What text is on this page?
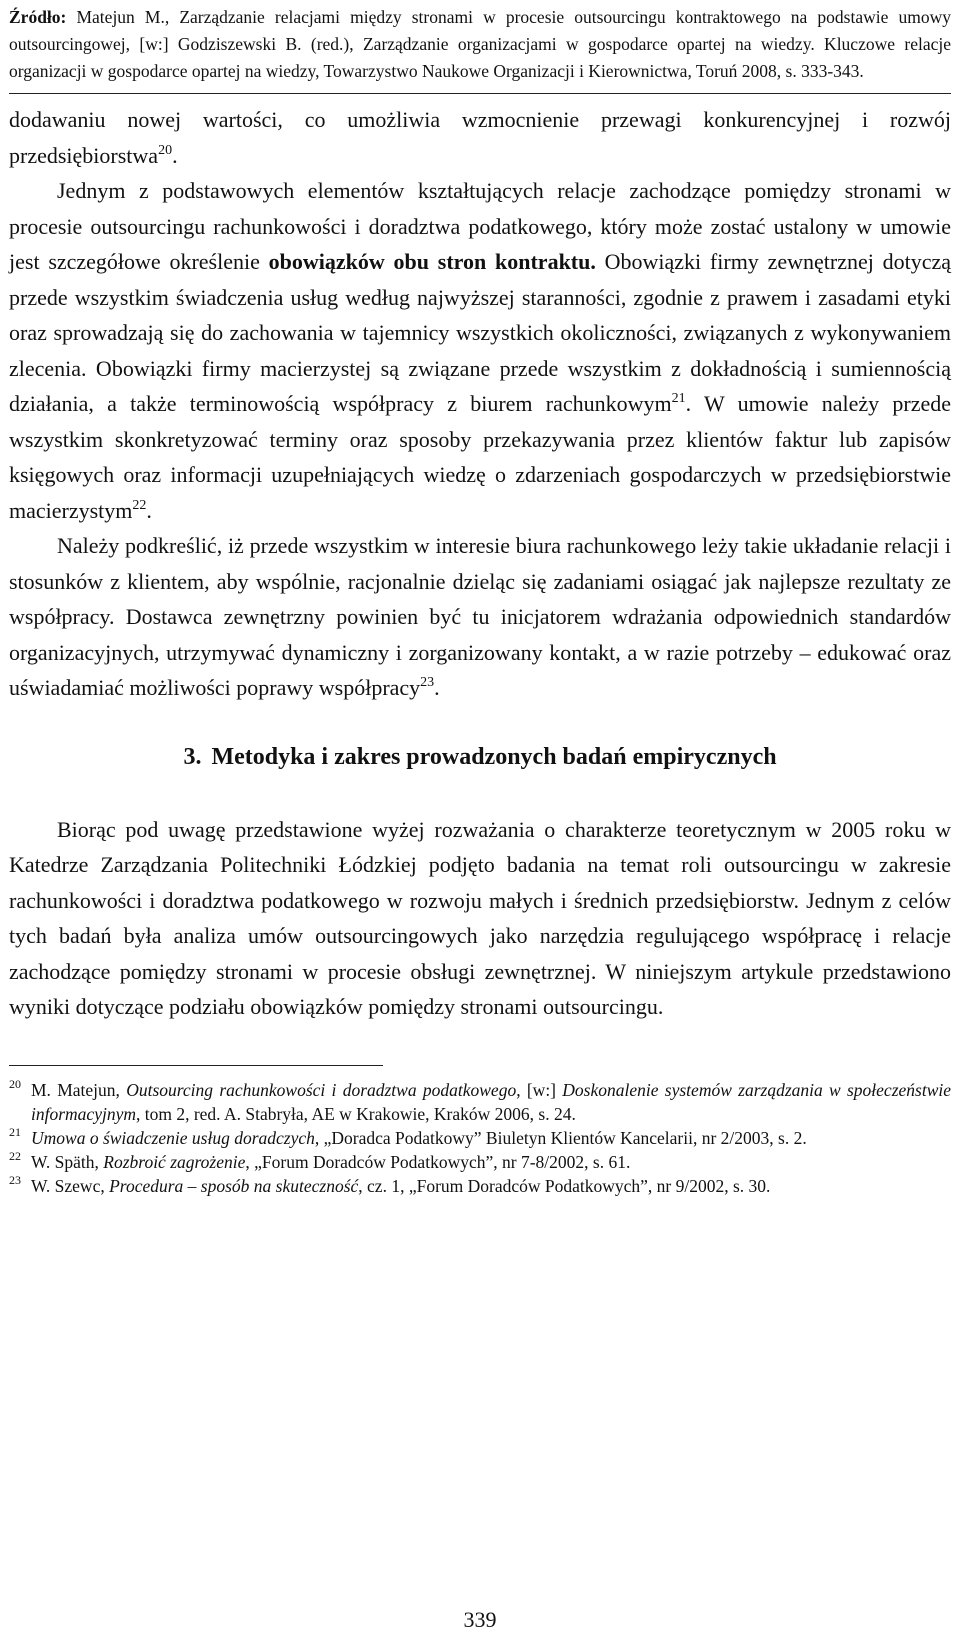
Źródło: Matejun M., Zarządzanie relacjami między stronami w procesie outsourcingu kontraktowego na podstawie umowy outsourcingowej, [w:] Godziszewski B. (red.), Zarządzanie organizacjami w gospodarce opartej na wiedzy. Kluczowe relacje organizacji w gospodarce opartej na wiedzy, Towarzystwo Naukowe Organizacji i Kierownictwa, Toruń 2008, s. 333-343.

dodawaniu nowej wartości, co umożliwia wzmocnienie przewagi konkurencyjnej i rozwój przedsiębiorstwa$^{20}$.

Jednym z podstawowych elementów kształtujących relacje zachodzące pomiędzy stronami w procesie outsourcingu rachunkowości i doradztwa podatkowego, który może zostać ustalony w umowie jest szczegółowe określenie obowiązków obu stron kontraktu. Obowiązki firmy zewnętrznej dotyczą przede wszystkim świadczenia usług według najwyższej staranności, zgodnie z prawem i zasadami etyki oraz sprowadzają się do zachowania w tajemnicy wszystkich okoliczności, związanych z wykonywaniem zlecenia. Obowiązki firmy macierzystej są związane przede wszystkim z dokładnością i sumiennością działania, a także terminowością współpracy z biurem rachunkowym$^{21}$. W umowie należy przede wszystkim skonkretyzować terminy oraz sposoby przekazywania przez klientów faktur lub zapisów księgowych oraz informacji uzupełniających wiedzę o zdarzeniach gospodarczych w przedsiębiorstwie macierzystym$^{22}$.

Należy podkreślić, iż przede wszystkim w interesie biura rachunkowego leży takie układanie relacji i stosunków z klientem, aby wspólnie, racjonalnie dzieląc się zadaniami osiągać jak najlepsze rezultaty ze współpracy. Dostawca zewnętrzny powinien być tu inicjatorem wdrażania odpowiednich standardów organizacyjnych, utrzymywać dynamiczny i zorganizowany kontakt, a w razie potrzeby – edukować oraz uświadamiać możliwości poprawy współpracy$^{23}$.

3. Metodyka i zakres prowadzonych badań empirycznych

Biorąc pod uwagę przedstawione wyżej rozważania o charakterze teoretycznym w 2005 roku w Katedrze Zarządzania Politechniki Łódzkiej podjęto badania na temat roli outsourcingu w zakresie rachunkowości i doradztwa podatkowego w rozwoju małych i średnich przedsiębiorstw. Jednym z celów tych badań była analiza umów outsourcingowych jako narzędzia regulującego współpracę i relacje zachodzące pomiędzy stronami w procesie obsługi zewnętrznej. W niniejszym artykule przedstawiono wyniki dotyczące podziału obowiązków pomiędzy stronami outsourcingu.

20 M. Matejun, Outsourcing rachunkowości i doradztwa podatkowego, [w:] Doskonalenie systemów zarządzania w społeczeństwie informacyjnym, tom 2, red. A. Stabryła, AE w Krakowie, Kraków 2006, s. 24.

21 Umowa o świadczenie usług doradczych, „Doradca Podatkowy” Biuletyn Klientów Kancelarii, nr 2/2003, s. 2.

22 W. Späth, Rozbroić zagrożenie, „Forum Doradców Podatkowych”, nr 7-8/2002, s. 61.

23 W. Szewc, Procedura – sposób na skuteczność, cz. 1, „Forum Doradców Podatkowych”, nr 9/2002, s. 30.

339
